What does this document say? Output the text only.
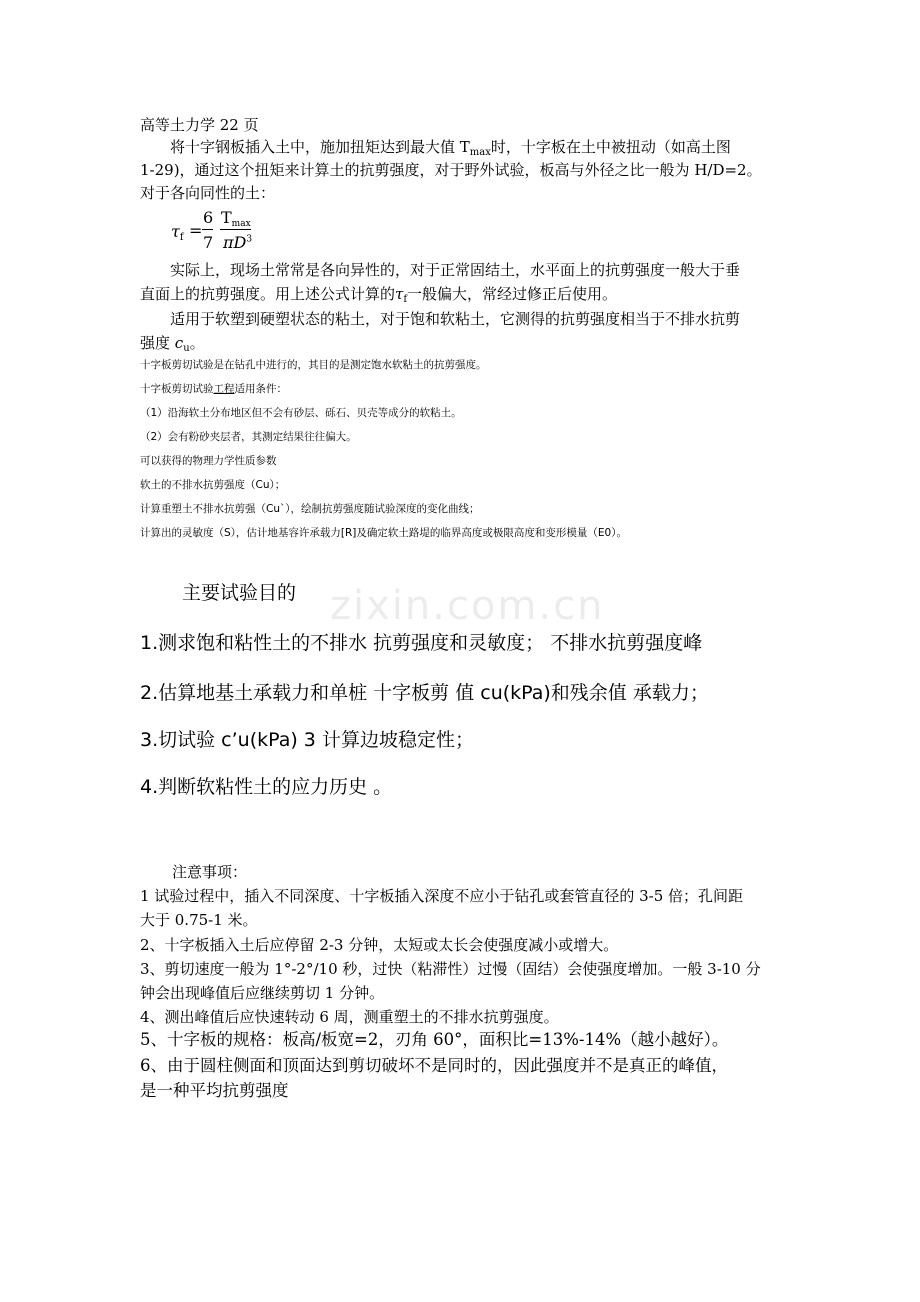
zixin.com.cn
高等土力学 22 页
将十字钢板插入土中，施加扭矩达到最大值 $T_{max}$时，十字板在土中被扭动（如高土图
1-29)，通过这个扭矩来计算土的抗剪强度，对于野外试验，板高与外径之比一般为 H/D=2。
对于各向同性的土：
$\tau_f$ =
6
7
$T_{max}$
$\pi D^3$
实际上，现场土常常是各向异性的，对于正常固结土，水平面上的抗剪强度一般大于垂
直面上的抗剪强度。用上述公式计算的$\tau_f$一般偏大，常经过修正后使用。
适用于软塑到硬塑状态的粘土，对于饱和软粘土，它测得的抗剪强度相当于不排水抗剪
强度 $c_u$。
十字板剪切试验是在钻孔中进行的，其目的是测定饱水软粘土的抗剪强度。
十字板剪切试验工程适用条件：
（1）沿海软土分布地区但不会有砂层、砾石、贝壳等成分的软粘土。
（2）会有粉砂夹层者，其测定结果往往偏大。
可以获得的物理力学性质参数
软土的不排水抗剪强度（Cu）；
计算重塑土不排水抗剪强（Cu`），绘制抗剪强度随试验深度的变化曲线；
计算出的灵敏度（S），估计地基容许承载力[R]及确定软土路堤的临界高度或极限高度和变形模量（E0）。
主要试验目的
1.测求饱和粘性土的不排水 抗剪强度和灵敏度； 不排水抗剪强度峰
2.估算地基土承载力和单桩 十字板剪 值 cu(kPa)和残余值 承载力；
3.切试验 c’u(kPa) 3 计算边坡稳定性；
4.判断软粘性土的应力历史 。
注意事项：
1 试验过程中，插入不同深度、十字板插入深度不应小于钻孔或套管直径的 3-5 倍；孔间距
大于 0.75-1 米。
2、十字板插入土后应停留 2-3 分钟，太短或太长会使强度减小或增大。
3、剪切速度一般为 1°-2°/10 秒，过快（粘滞性）过慢（固结）会使强度增加。一般 3-10 分
钟会出现峰值后应继续剪切 1 分钟。
4、测出峰值后应快速转动 6 周，测重塑土的不排水抗剪强度。
5、十字板的规格：板高/板宽=2，刃角 60°，面积比=13%-14%（越小越好）。
6、由于圆柱侧面和顶面达到剪切破坏不是同时的，因此强度并不是真正的峰值，
是一种平均抗剪强度
